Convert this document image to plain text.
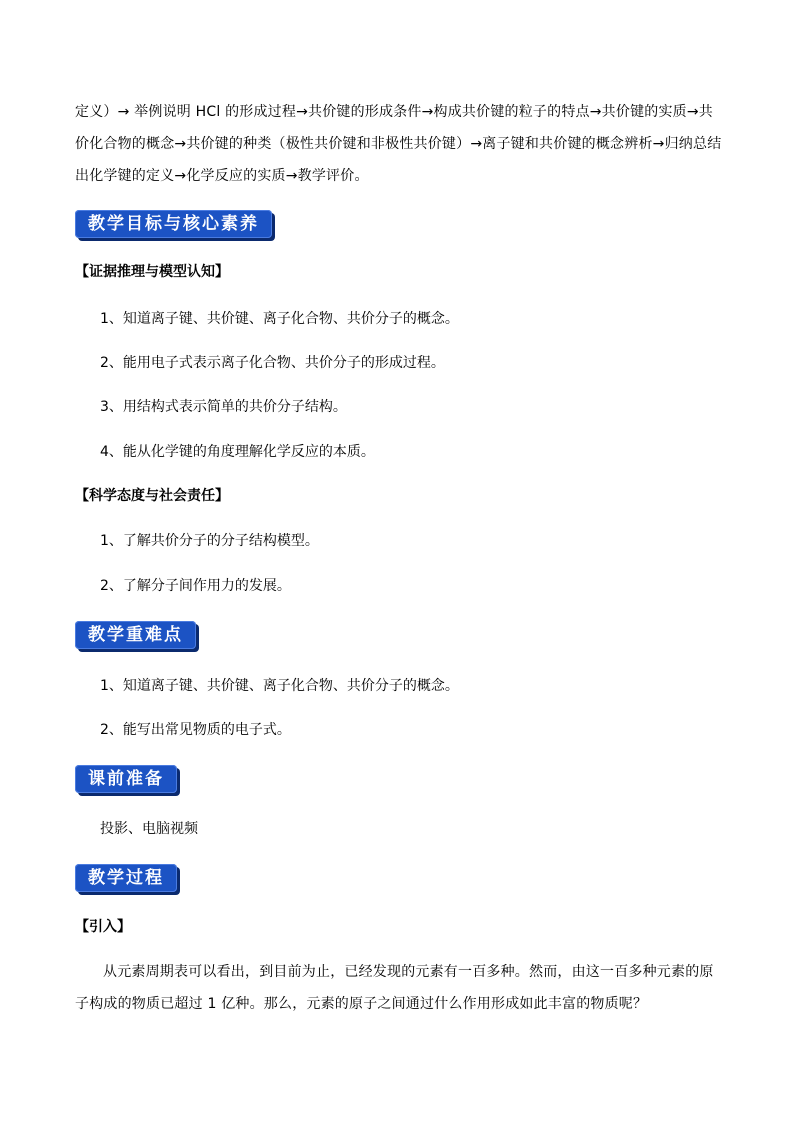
定义）→ 举例说明 HCl 的形成过程→共价键的形成条件→构成共价键的粒子的特点→共价键的实质→共价化合物的概念→共价键的种类（极性共价键和非极性共价键）→离子键和共价键的概念辨析→归纳总结出化学键的定义→化学反应的实质→教学评价。
教学目标与核心素养
【证据推理与模型认知】
1、知道离子键、共价键、离子化合物、共价分子的概念。
2、能用电子式表示离子化合物、共价分子的形成过程。
3、用结构式表示简单的共价分子结构。
4、能从化学键的角度理解化学反应的本质。
【科学态度与社会责任】
1、了解共价分子的分子结构模型。
2、了解分子间作用力的发展。
教学重难点
1、知道离子键、共价键、离子化合物、共价分子的概念。
2、能写出常见物质的电子式。
课前准备
投影、电脑视频
教学过程
【引入】
从元素周期表可以看出，到目前为止，已经发现的元素有一百多种。然而，由这一百多种元素的原子构成的物质已超过 1 亿种。那么，元素的原子之间通过什么作用形成如此丰富的物质呢？
